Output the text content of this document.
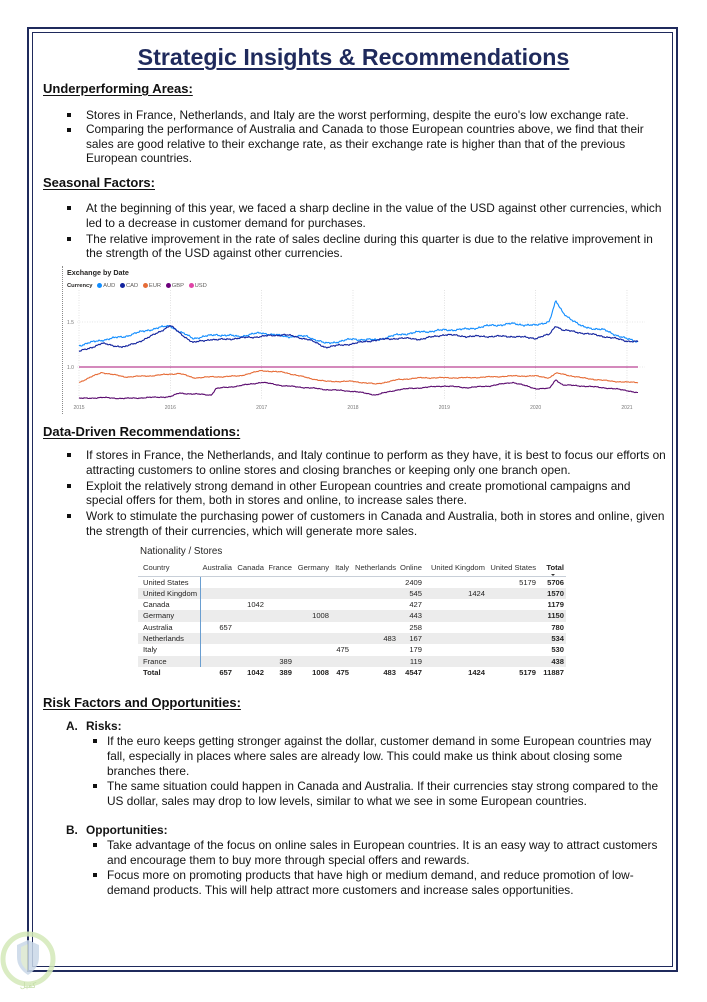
Strategic Insights & Recommendations
Underperforming Areas:
Stores in France, Netherlands, and Italy are the worst performing, despite the euro's low exchange rate.
Comparing the performance of Australia and Canada to those European countries above, we find that their sales are good relative to their exchange rate, as their exchange rate is higher than that of the previous European countries.
Seasonal Factors:
At the beginning of this year, we faced a sharp decline in the value of the USD against other currencies, which led to a decrease in customer demand for purchases.
The relative improvement in the rate of sales decline during this quarter is due to the relative improvement in the strength of the USD against other currencies.
2015	2016	2017	2018	2019	2020	2021
1.0
1.5
Exchange by Date
Currency AUD CAD EUR GBP USD
Data-Driven Recommendations:
If stores in France, the Netherlands, and Italy continue to perform as they have, it is best to focus our efforts on attracting customers to online stores and closing branches or keeping only one branch open.
Exploit the relatively strong demand in other European countries and create promotional campaigns and special offers for them, both in stores and online, to increase sales there.
Work to stimulate the purchasing power of customers in Canada and Australia, both in stores and online, given the strength of their currencies, which will generate more sales.
Nationality / Stores
Country	Australia	Canada	France	Germany	Italy	Netherlands	Online	United Kingdom	United States	Total

United States							2409		5179	5706
United Kingdom							545	1424		1570
Canada		1042					427			1179
Germany				1008			443			1150
Australia	657						258			780
Netherlands						483	167			534
Italy					475		179			530
France			389				119			438
Total	657	1042	389	1008	475	483	4547	1424	5179	11887
Risk Factors and Opportunities:
A. Risks:
If the euro keeps getting stronger against the dollar, customer demand in some European countries may fall, especially in places where sales are already low. This could make us think about closing some branches there.
The same situation could happen in Canada and Australia. If their currencies stay strong compared to the US dollar, sales may drop to low levels, similar to what we see in some European countries.
B. Opportunities:
Take advantage of the focus on online sales in European countries. It is an easy way to attract customers and encourage them to buy more through special offers and rewards.
Focus more on promoting products that have high or medium demand, and reduce promotion of low-demand products. This will help attract more customers and increase sales opportunities.
كفيل
